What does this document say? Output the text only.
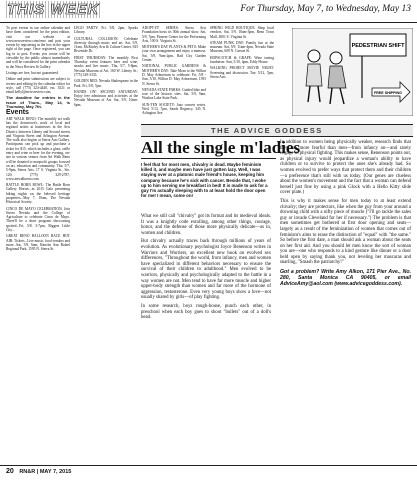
THIS WEEK	For Thursday, May 7, to Wednesday, May 13

To post events in our online calendar and have them considered for the print edition, visit our website at www.newsreview.com/reno and post your events by registering in the box in the upper right of the page. Once registered, you can log in to post. Events you create will be viewable by the public almost immediately and will be considered for the print calendar in the News Review & Gallery.

Listings are free, but not guaranteed.

Online and print submissions are subject to review and editing by the calendar editor for style, call (775) 324-4440, ext. 3521 or email kellyl@newsreview.com.

The deadline for entries in the issue of Thurs., May 14, is Thursday, May 7th.

Events

ART WALK RENO: The monthly art walk has the downtown's work of local and regional artists at businesses in the Arts District, between Liberty and Second streets and Virginia Street and Arlington Avenue. The walk also begins at Sierra Arts Gallery. Participants can pick up and purchase a ticket for $15, which includes a glass, raffle entry and wine or beer for the evening, on-site in various venues from Art Walk Reno will be donated to nonprofit groups focused on art, education and community. Thu, 5/7, 5-9pm, Sierra Arts, 17 S. Virginia St., Ste. 120; (775) 329-2787, www.artwalkreno.com.

BATTLE BORN BOWL: The Battle Born Gallery Horses...in 2015 Gala presenting hiking nights on the beloved heritage properties...May 7, 10am, The Nevada Historical Society.

CINCO DE MAYO CELEBRATION: Join Sierra Nevada and the College of Agriculture to celebrate Cinco de Mayo. There'll be a short program showcasing spotted...Fri, 5/8, 3-7pm, Biggest Little City...

GREAT RENO BALLOON RACE HOT AIR: Tickets...Live music, food vendors and more...Sat, 5/9, 6am, Rancho San Rafael Regional Park, 1595 N. Sierra St.

LEGO PARTY: Fri, 5/8, 2pm, Sparks Library.

CULTURAL COLLISION: Celebrate diversity through music and art. Sat, 5/9, 11am, McKinley Arts & Culture Center, 925 Riverside Dr.

FIRST THURSDAY: The monthly First Thursday event features beer and wine, snacks and live music. Thu, 5/7, 5-8pm, Nevada Museum of Art, 160 W. Liberty St.; (775) 329-3333.

GOLDEN RED: Nevada Shakespeare in the Park. Fri, 5/8, 7pm.

HANDS ON! SECOND SATURDAY: Enjoy free admission and activities at the Nevada Museum of Art. Sat, 5/9, 10am-6pm.

ADOPT-IT! SERIES: Sierra Arts Foundation hosts its 30th annual show. Sat, 5/9, 7pm, Pioneer Center for the Performing Arts, 100 S. Virginia St.

MOTHER'S DAY PLANTS & PETS: Make your own arrangement and enjoy a mimosa. Sat, 5/9, 9am-2pm, Rail City Garden Center.

NATIONAL PUBLIC GARDENS & MOTHER'S DAY: Take Mom to the Wilbur D. May Arboretum to celebrate. Fri, 5/8 - Sun, 5/10, Wilbur D. May Arboretum, 1595 N. Sierra St.

NEVADA STATE PARKS: Guided hike and tour of the historic sites. Sat, 5/9, 9am, Washoe Lake State Park.

SUN-TEN SOCIETY: Jazz concert series. Wed, 5/13, 7pm, Sands Regency, 345 N. Arlington Ave.

SPRING WILD BOUTIQUE: Shop local vendors. Sat, 5/9, 10am-3pm, Reno Town Mall, 4001 S. Virginia St.

STEAM PUNK DAY: Family fun at the museum. Sat, 5/9, 11am-4pm, Nevada State Museum, 600 N. Carson St.

HOPSCOTCH & GRAPE: Wine tasting fundraiser. Sun, 5/10, 4pm, Eddy House.

WALKING PROJECT MOVIE NIGHT: Screening and discussion. Tue, 5/12, 7pm, Sierra Arts.

PEDESTRIAN SHIFT
FREE SHIPPING
THE ADVICE GODDESS
All the single m'ladies
I feel that for most men, chivalry is dead. Maybe feminism killed it, and maybe men have just gotten lazy. Well, I was staying over at a platonic male friend's house, keeping him company because he's sick with cancer. Beside that, I woke up to him serving me breakfast in bed! It is made to ask for a guy I'm actually sleeping with to at least hold the door open for me! I mean, come on!

What we still call "chivalry" got its format and its medieval ideals. It was a knightly code extolling, among other things, courage, honor, and the defense of those more physically delicate—as in, women and children.

But chivalry actually traces back through millions of years of evolution. As evolutionary psychologist Joyce Benenson writes in Warriors and Worriers, an excellent new book on evolved sex differences, "Throughout the world, from infancy, men and women have specialized in different behaviors necessary to ensure the survival of their children to adulthood." Men evolved to be warriors, physically and psychologically adapted to the battle in a way women are not. Men tend to have far more muscle and higher upper-body strength than women and far more of the hormone of aggression, testosterone. Even very young boys show a love—not usually shared by girls—of play fighting.

In some research, boys rough-house, punch each other, in preschool when each boy goes to shoot "bullets" out of a doll's head.

In addition to women being physically weaker, research finds that they are more fearful than men—from infancy on—and rarely engage in physical fighting. This makes sense, Benenson points out, as physical injury would jeopardize a woman's ability to have children or to survive to protect the ones she's already had. So women evolved to prefer ways that protect them and their children—a preference that's still with us today. (Our genes are clueless about the women's movement and the fact that a woman can defend herself just fine by using a pink Glock with a Hello Kitty slide cover plate.)

This is why it makes sense for men today to at least extend chivalry; they are protectors, like when the guy from your around a drowning child with a nifty piece of muscle ("I'll go tackle the sales guy or invade Cleveland for her if necessary.") The problem is that men sometimes get bothered at first door opening and seats—largely as a result of the feminization of women that comes out of feminism's aims to erase the distinction of "equal" with "the same." So before the first date, a man should ask a woman about the seats on her first aid. And you should let men know the sort of woman you are—one who responds to a kind gesture like dinner or a door held open by saying thank you, not leveling her mascaras and snarling, "Smash the patriarchy!"

Got a problem? Write Amy Alkon, 171 Pier Ave., No. 280, Santa Monica CA 90405, or email AdviceAmy@aol.com (www.advicegoddess.com).
20 RN&R | MAY 7, 2015
